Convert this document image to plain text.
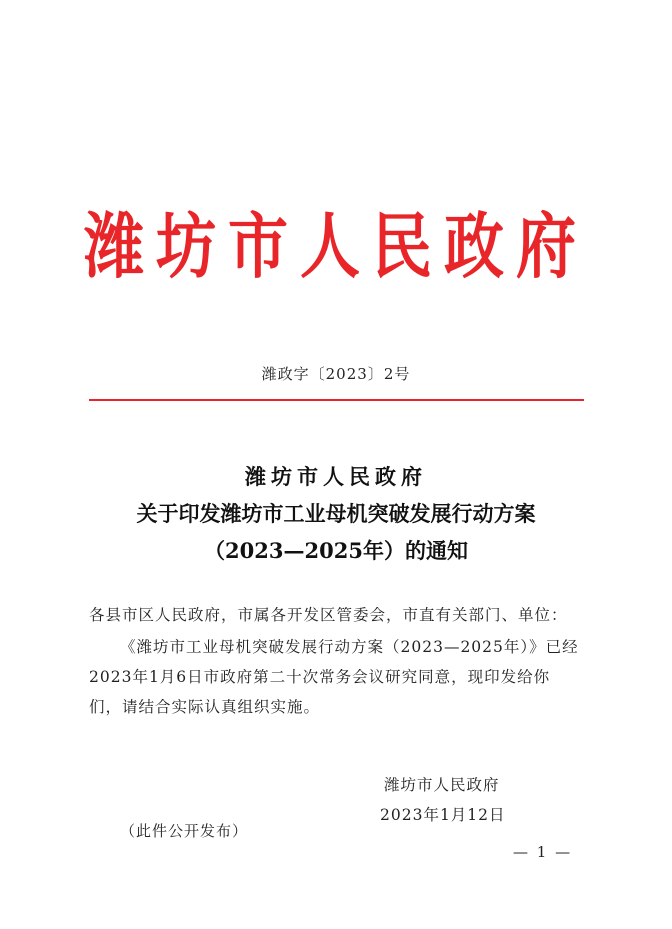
潍坊市人民政府
潍政字〔2023〕2号
潍坊市人民政府
关于印发潍坊市工业母机突破发展行动方案
（2023—2025年）的通知
各县市区人民政府，市属各开发区管委会，市直有关部门、单位：
《潍坊市工业母机突破发展行动方案（2023—2025年）》已经
2023年1月6日市政府第二十次常务会议研究同意，现印发给你
们，请结合实际认真组织实施。
潍坊市人民政府
2023年1月12日
（此件公开发布）
— 1 —
